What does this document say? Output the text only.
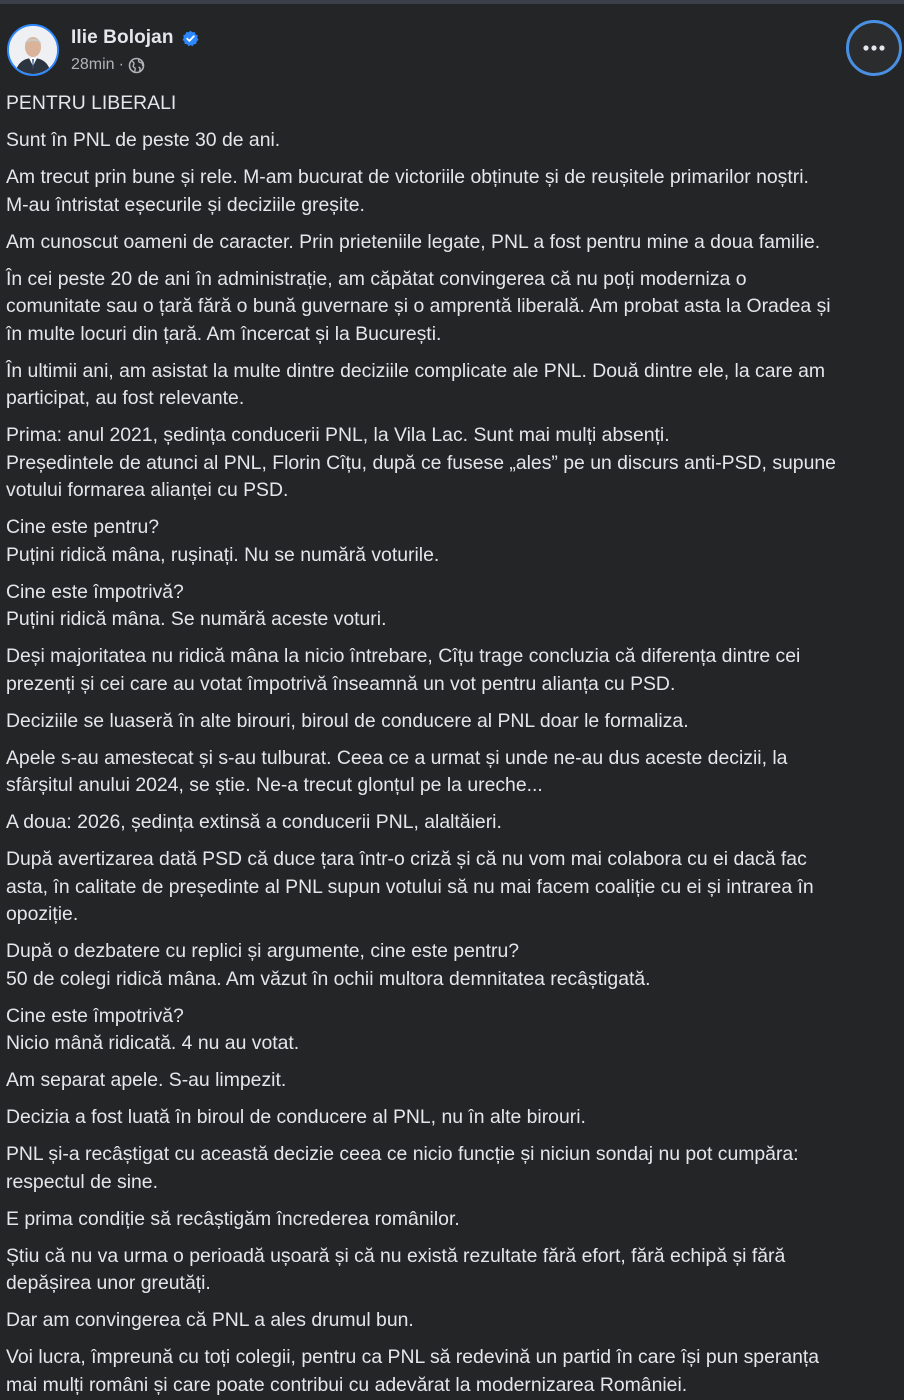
Ilie Bolojan
28min ·
PENTRU LIBERALI
Sunt în PNL de peste 30 de ani.
Am trecut prin bune și rele. M-am bucurat de victoriile obținute și de reușitele primarilor noștri.
M-au întristat eșecurile și deciziile greșite.
Am cunoscut oameni de caracter. Prin prieteniile legate, PNL a fost pentru mine a doua familie.
În cei peste 20 de ani în administrație, am căpătat convingerea că nu poți moderniza o
comunitate sau o țară fără o bună guvernare și o amprentă liberală. Am probat asta la Oradea și
în multe locuri din țară. Am încercat și la București.
În ultimii ani, am asistat la multe dintre deciziile complicate ale PNL. Două dintre ele, la care am
participat, au fost relevante.
Prima: anul 2021, ședința conducerii PNL, la Vila Lac. Sunt mai mulți absenți.
Președintele de atunci al PNL, Florin Cîțu, după ce fusese „ales” pe un discurs anti-PSD, supune
votului formarea alianței cu PSD.
Cine este pentru?
Puțini ridică mâna, rușinați. Nu se numără voturile.
Cine este împotrivă?
Puțini ridică mâna. Se numără aceste voturi.
Deși majoritatea nu ridică mâna la nicio întrebare, Cîțu trage concluzia că diferența dintre cei
prezenți și cei care au votat împotrivă înseamnă un vot pentru alianța cu PSD.
Deciziile se luaseră în alte birouri, biroul de conducere al PNL doar le formaliza.
Apele s-au amestecat și s-au tulburat. Ceea ce a urmat și unde ne-au dus aceste decizii, la
sfârșitul anului 2024, se știe. Ne-a trecut glonțul pe la ureche...
A doua: 2026, ședința extinsă a conducerii PNL, alaltăieri.
După avertizarea dată PSD că duce țara într-o criză și că nu vom mai colabora cu ei dacă fac
asta, în calitate de președinte al PNL supun votului să nu mai facem coaliție cu ei și intrarea în
opoziție.
După o dezbatere cu replici și argumente, cine este pentru?
50 de colegi ridică mâna. Am văzut în ochii multora demnitatea recâștigată.
Cine este împotrivă?
Nicio mână ridicată. 4 nu au votat.
Am separat apele. S-au limpezit.
Decizia a fost luată în biroul de conducere al PNL, nu în alte birouri.
PNL și-a recâștigat cu această decizie ceea ce nicio funcție și niciun sondaj nu pot cumpăra:
respectul de sine.
E prima condiție să recâștigăm încrederea românilor.
Știu că nu va urma o perioadă ușoară și că nu există rezultate fără efort, fără echipă și fără
depășirea unor greutăți.
Dar am convingerea că PNL a ales drumul bun.
Voi lucra, împreună cu toți colegii, pentru ca PNL să redevină un partid în care își pun speranța
mai mulți români și care poate contribui cu adevărat la modernizarea României.
